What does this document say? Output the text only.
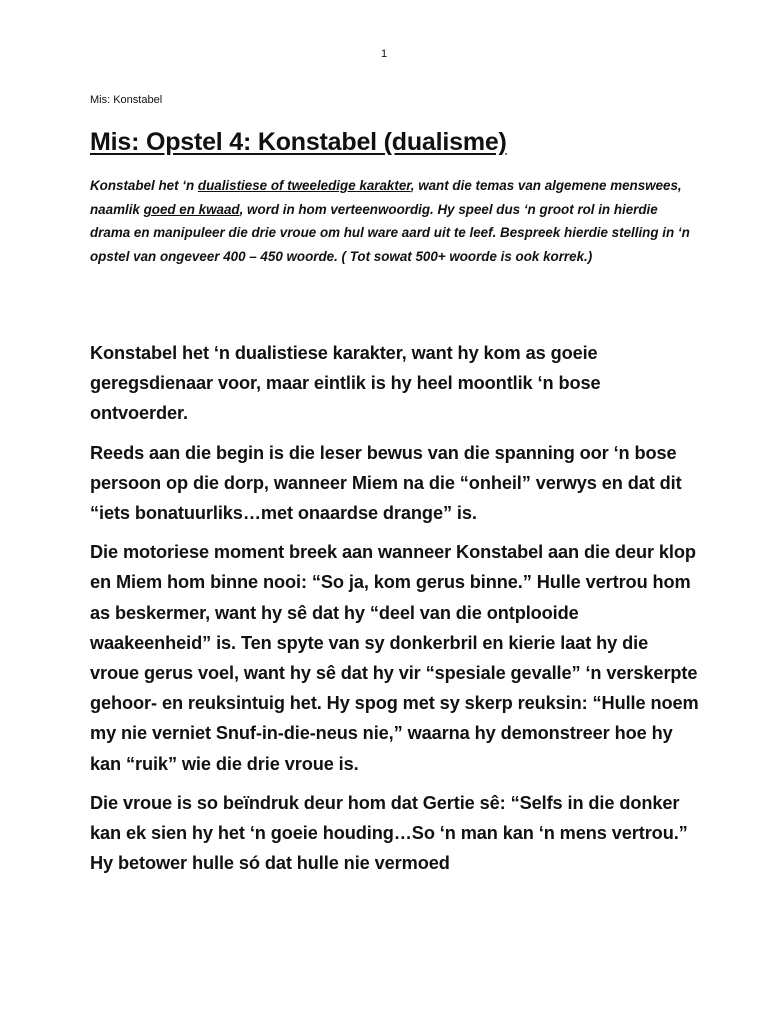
1
Mis: Konstabel
Mis: Opstel 4: Konstabel (dualisme)

Konstabel het ‘n dualistiese of tweeledige karakter, want die temas van algemene menswees, naamlik goed en kwaad, word in hom verteenwoordig. Hy speel dus ‘n groot rol in hierdie drama en manipuleer die drie vroue om hul ware aard uit te leef. Bespreek hierdie stelling in ‘n opstel van ongeveer 400 – 450 woorde. ( Tot sowat 500+ woorde is ook korrek.)

Konstabel het ‘n dualistiese karakter, want hy kom as goeie geregsdienaar voor, maar eintlik is hy heel moontlik ‘n bose ontvoerder.

Reeds aan die begin is die leser bewus van die spanning oor ‘n bose persoon op die dorp, wanneer Miem na die “onheil” verwys en dat dit “iets bonatuurliks…met onaardse drange” is.

Die motoriese moment breek aan wanneer Konstabel aan die deur klop en Miem hom binne nooi: “So ja, kom gerus binne.” Hulle vertrou hom as beskermer, want hy sê dat hy “deel van die ontplooide waakeenheid” is. Ten spyte van sy donkerbril en kierie laat hy die vroue gerus voel, want hy sê dat hy vir “spesiale gevalle” ‘n verskerpte gehoor- en reuksintuig het. Hy spog met sy skerp reuksin: “Hulle noem my nie verniet Snuf-in-die-neus nie,” waarna hy demonstreer hoe hy kan “ruik” wie die drie vroue is.

Die vroue is so beïndruk deur hom dat Gertie sê: “Selfs in die donker kan ek sien hy het ‘n goeie houding…So ‘n man kan ‘n mens vertrou.” Hy betower hulle só dat hulle nie vermoed
